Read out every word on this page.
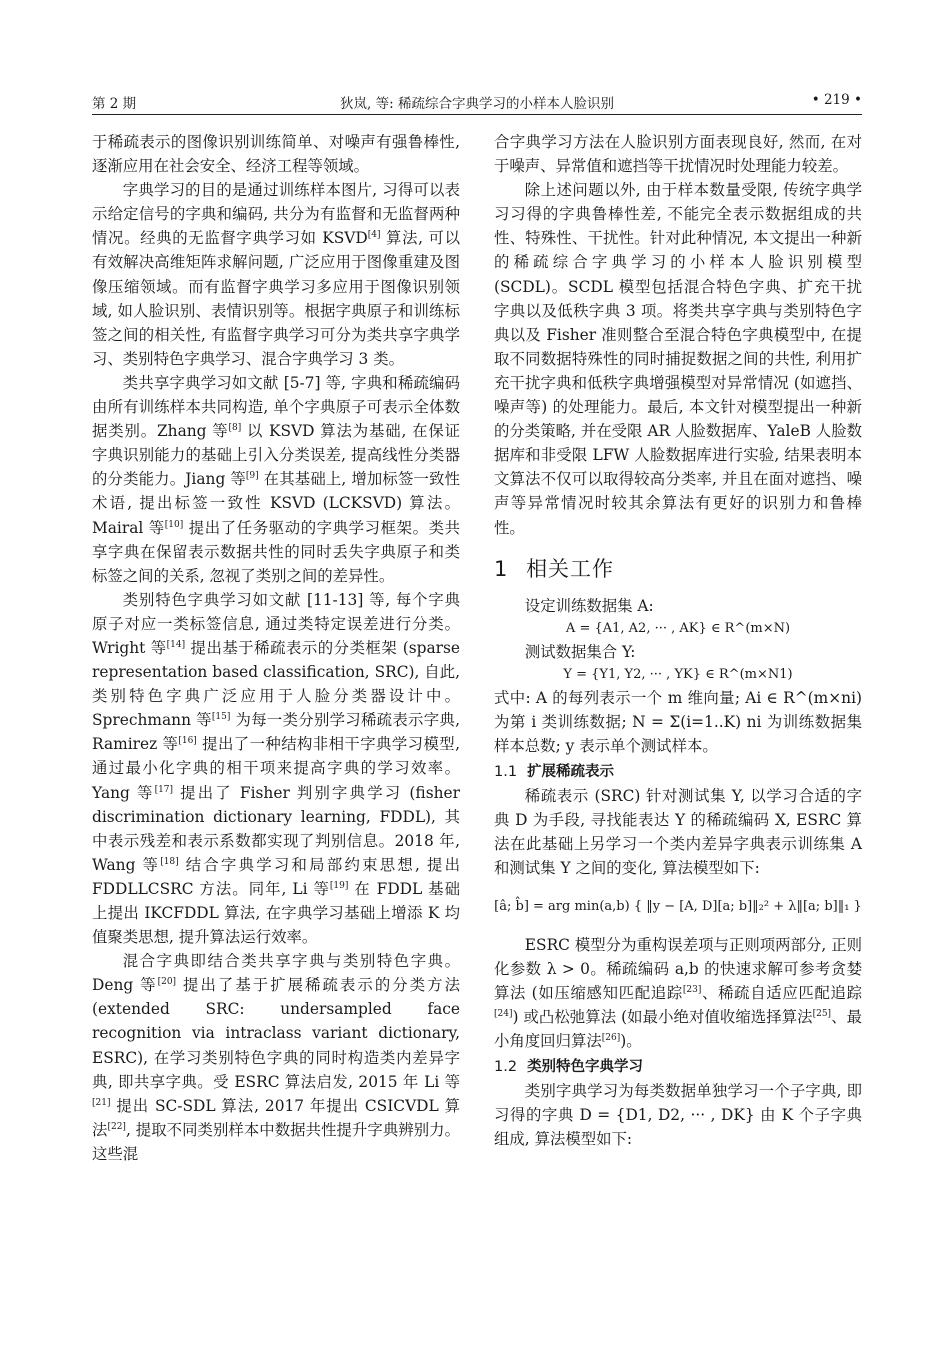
第 2 期	狄岚, 等: 稀疏综合字典学习的小样本人脸识别	• 219 •

于稀疏表示的图像识别训练简单、对噪声有强鲁棒性, 逐渐应用在社会安全、经济工程等领域。

字典学习的目的是通过训练样本图片, 习得可以表示给定信号的字典和编码, 共分为有监督和无监督两种情况。经典的无监督字典学习如 KSVD[4] 算法, 可以有效解决高维矩阵求解问题, 广泛应用于图像重建及图像压缩领域。而有监督字典学习多应用于图像识别领域, 如人脸识别、表情识别等。根据字典原子和训练标签之间的相关性, 有监督字典学习可分为类共享字典学习、类别特色字典学习、混合字典学习 3 类。

类共享字典学习如文献 [5-7] 等, 字典和稀疏编码由所有训练样本共同构造, 单个字典原子可表示全体数据类别。Zhang 等[8] 以 KSVD 算法为基础, 在保证字典识别能力的基础上引入分类误差, 提高线性分类器的分类能力。Jiang 等[9] 在其基础上, 增加标签一致性术语, 提出标签一致性 KSVD (LCKSVD) 算法。Mairal 等[10] 提出了任务驱动的字典学习框架。类共享字典在保留表示数据共性的同时丢失字典原子和类标签之间的关系, 忽视了类别之间的差异性。

类别特色字典学习如文献 [11-13] 等, 每个字典原子对应一类标签信息, 通过类特定误差进行分类。Wright 等[14] 提出基于稀疏表示的分类框架 (sparse representation based classification, SRC), 自此, 类别特色字典广泛应用于人脸分类器设计中。Sprechmann 等[15] 为每一类分别学习稀疏表示字典, Ramirez 等[16] 提出了一种结构非相干字典学习模型, 通过最小化字典的相干项来提高字典的学习效率。Yang 等[17] 提出了 Fisher 判别字典学习 (fisher discrimination dictionary learning, FDDL), 其中表示残差和表示系数都实现了判别信息。2018 年, Wang 等[18] 结合字典学习和局部约束思想, 提出 FDDLLCSRC 方法。同年, Li 等[19] 在 FDDL 基础上提出 IKCFDDL 算法, 在字典学习基础上增添 K 均值聚类思想, 提升算法运行效率。

混合字典即结合类共享字典与类别特色字典。Deng 等[20] 提出了基于扩展稀疏表示的分类方法 (extended SRC: undersampled face recognition via intraclass variant dictionary, ESRC), 在学习类别特色字典的同时构造类内差异字典, 即共享字典。受 ESRC 算法启发, 2015 年 Li 等[21] 提出 SC-SDL 算法, 2017 年提出 CSICVDL 算法[22], 提取不同类别样本中数据共性提升字典辨别力。这些混

合字典学习方法在人脸识别方面表现良好, 然而, 在对于噪声、异常值和遮挡等干扰情况时处理能力较差。

除上述问题以外, 由于样本数量受限, 传统字典学习习得的字典鲁棒性差, 不能完全表示数据组成的共性、特殊性、干扰性。针对此种情况, 本文提出一种新的稀疏综合字典学习的小样本人脸识别模型 (SCDL)。SCDL 模型包括混合特色字典、扩充干扰字典以及低秩字典 3 项。将类共享字典与类别特色字典以及 Fisher 准则整合至混合特色字典模型中, 在提取不同数据特殊性的同时捕捉数据之间的共性, 利用扩充干扰字典和低秩字典增强模型对异常情况 (如遮挡、噪声等) 的处理能力。最后, 本文针对模型提出一种新的分类策略, 并在受限 AR 人脸数据库、YaleB 人脸数据库和非受限 LFW 人脸数据库进行实验, 结果表明本文算法不仅可以取得较高分类率, 并且在面对遮挡、噪声等异常情况时较其余算法有更好的识别力和鲁棒性。

1 相关工作

设定训练数据集 A:

A = {A1, A2, ··· , AK} ∈ R^(m×N)

测试数据集合 Y:

Y = {Y1, Y2, ··· , YK} ∈ R^(m×N1)

式中: A 的每列表示一个 m 维向量; Ai ∈ R^(m×ni) 为第 i 类训练数据; N = Σ(i=1..K) ni 为训练数据集样本总数; y 表示单个测试样本。

1.1 扩展稀疏表示

稀疏表示 (SRC) 针对测试集 Y, 以学习合适的字典 D 为手段, 寻找能表达 Y 的稀疏编码 X, ESRC 算法在此基础上另学习一个类内差异字典表示训练集 A 和测试集 Y 之间的变化, 算法模型如下:

[â; b̂] = arg min(a,b) { ‖y − [A, D][a; b]‖₂² + λ‖[a; b]‖₁ }

ESRC 模型分为重构误差项与正则项两部分, 正则化参数 λ > 0。稀疏编码 a,b 的快速求解可参考贪婪算法 (如压缩感知匹配追踪[23]、稀疏自适应匹配追踪[24]) 或凸松弛算法 (如最小绝对值收缩选择算法[25]、最小角度回归算法[26])。

1.2 类别特色字典学习

类别字典学习为每类数据单独学习一个子字典, 即习得的字典 D = {D1, D2, ··· , DK} 由 K 个子字典组成, 算法模型如下:
